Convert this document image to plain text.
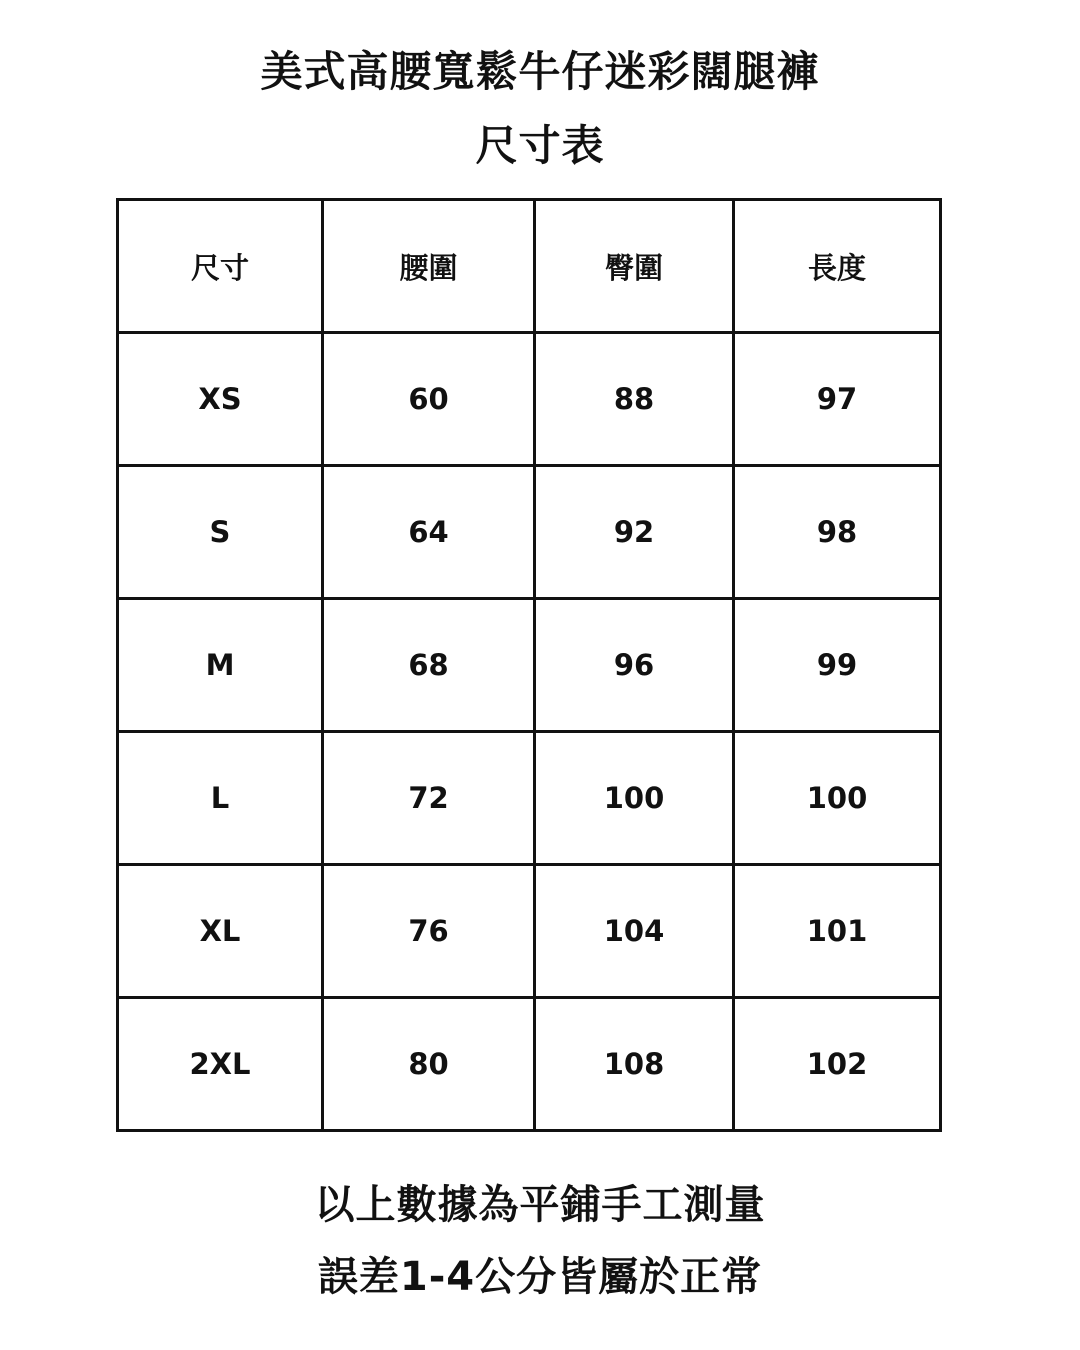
美式高腰寬鬆牛仔迷彩闊腿褲
尺寸表
尺寸	腰圍	臀圍	長度
XS	60	88	97
S	64	92	98
M	68	96	99
L	72	100	100
XL	76	104	101
2XL	80	108	102
以上數據為平鋪手工測量
誤差1-4公分皆屬於正常
